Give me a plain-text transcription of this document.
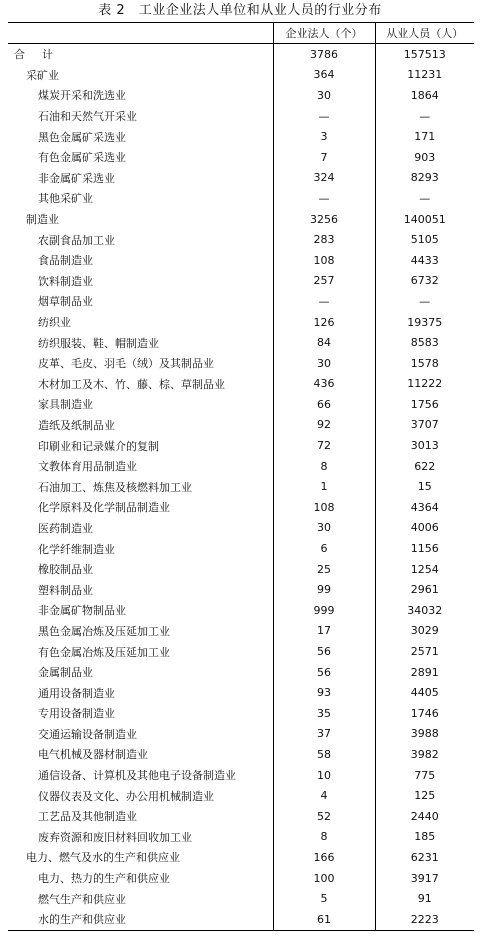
表 2　工业企业法人单位和从业人员的行业分布
	企业法人（个）	从业人员（人）
合　计	3786	157513
采矿业	364	11231
煤炭开采和洗选业	30	1864
石油和天然气开采业	—	—
黑色金属矿采选业	3	171
有色金属矿采选业	7	903
非金属矿采选业	324	8293
其他采矿业	—	—
制造业	3256	140051
农副食品加工业	283	5105
食品制造业	108	4433
饮料制造业	257	6732
烟草制品业	—	—
纺织业	126	19375
纺织服装、鞋、帽制造业	84	8583
皮革、毛皮、羽毛（绒）及其制品业	30	1578
木材加工及木、竹、藤、棕、草制品业	436	11222
家具制造业	66	1756
造纸及纸制品业	92	3707
印刷业和记录媒介的复制	72	3013
文教体育用品制造业	8	622
石油加工、炼焦及核燃料加工业	1	15
化学原料及化学制品制造业	108	4364
医药制造业	30	4006
化学纤维制造业	6	1156
橡胶制品业	25	1254
塑料制品业	99	2961
非金属矿物制品业	999	34032
黑色金属冶炼及压延加工业	17	3029
有色金属冶炼及压延加工业	56	2571
金属制品业	56	2891
通用设备制造业	93	4405
专用设备制造业	35	1746
交通运输设备制造业	37	3988
电气机械及器材制造业	58	3982
通信设备、计算机及其他电子设备制造业	10	775
仪器仪表及文化、办公用机械制造业	4	125
工艺品及其他制造业	52	2440
废弃资源和废旧材料回收加工业	8	185
电力、燃气及水的生产和供应业	166	6231
电力、热力的生产和供应业	100	3917
燃气生产和供应业	5	91
水的生产和供应业	61	2223
